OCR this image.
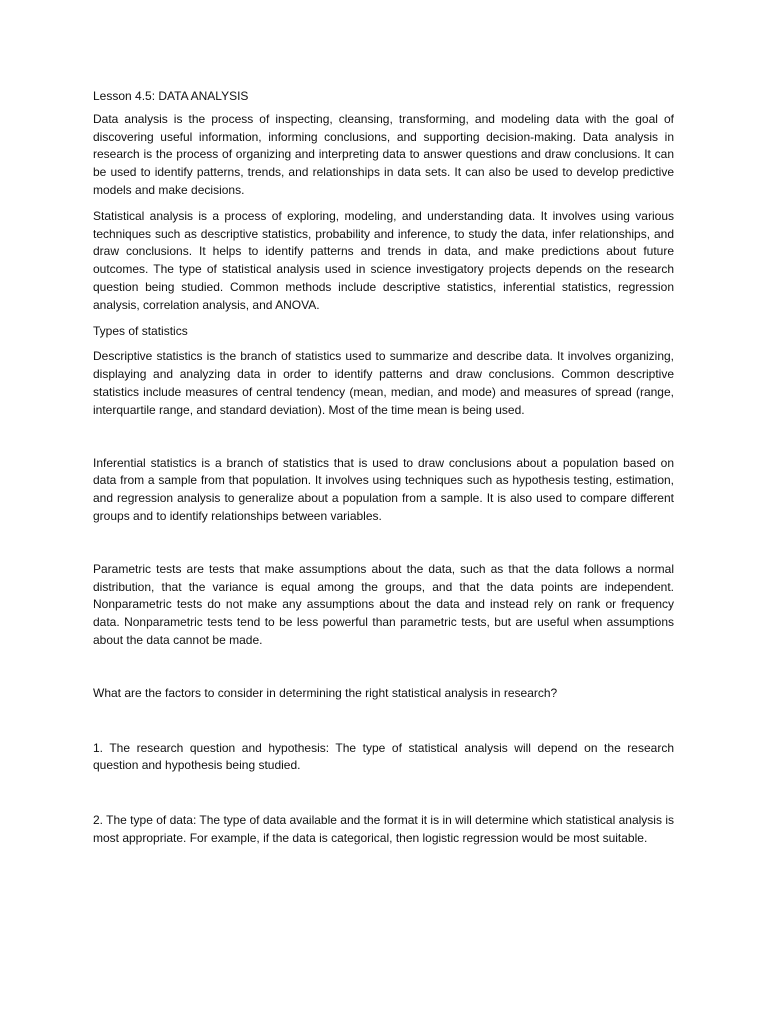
Lesson 4.5: DATA ANALYSIS

Data analysis is the process of inspecting, cleansing, transforming, and modeling data with the goal of discovering useful information, informing conclusions, and supporting decision-making. Data analysis in research is the process of organizing and interpreting data to answer questions and draw conclusions. It can be used to identify patterns, trends, and relationships in data sets. It can also be used to develop predictive models and make decisions.

Statistical analysis is a process of exploring, modeling, and understanding data. It involves using various techniques such as descriptive statistics, probability and inference, to study the data, infer relationships, and draw conclusions. It helps to identify patterns and trends in data, and make predictions about future outcomes. The type of statistical analysis used in science investigatory projects depends on the research question being studied. Common methods include descriptive statistics, inferential statistics, regression analysis, correlation analysis, and ANOVA.

Types of statistics

Descriptive statistics is the branch of statistics used to summarize and describe data. It involves organizing, displaying and analyzing data in order to identify patterns and draw conclusions. Common descriptive statistics include measures of central tendency (mean, median, and mode) and measures of spread (range, interquartile range, and standard deviation). Most of the time mean is being used.

Inferential statistics is a branch of statistics that is used to draw conclusions about a population based on data from a sample from that population. It involves using techniques such as hypothesis testing, estimation, and regression analysis to generalize about a population from a sample. It is also used to compare different groups and to identify relationships between variables.

Parametric tests are tests that make assumptions about the data, such as that the data follows a normal distribution, that the variance is equal among the groups, and that the data points are independent. Nonparametric tests do not make any assumptions about the data and instead rely on rank or frequency data. Nonparametric tests tend to be less powerful than parametric tests, but are useful when assumptions about the data cannot be made.

What are the factors to consider in determining the right statistical analysis in research?

1. The research question and hypothesis: The type of statistical analysis will depend on the research question and hypothesis being studied.

2. The type of data: The type of data available and the format it is in will determine which statistical analysis is most appropriate. For example, if the data is categorical, then logistic regression would be most suitable.
